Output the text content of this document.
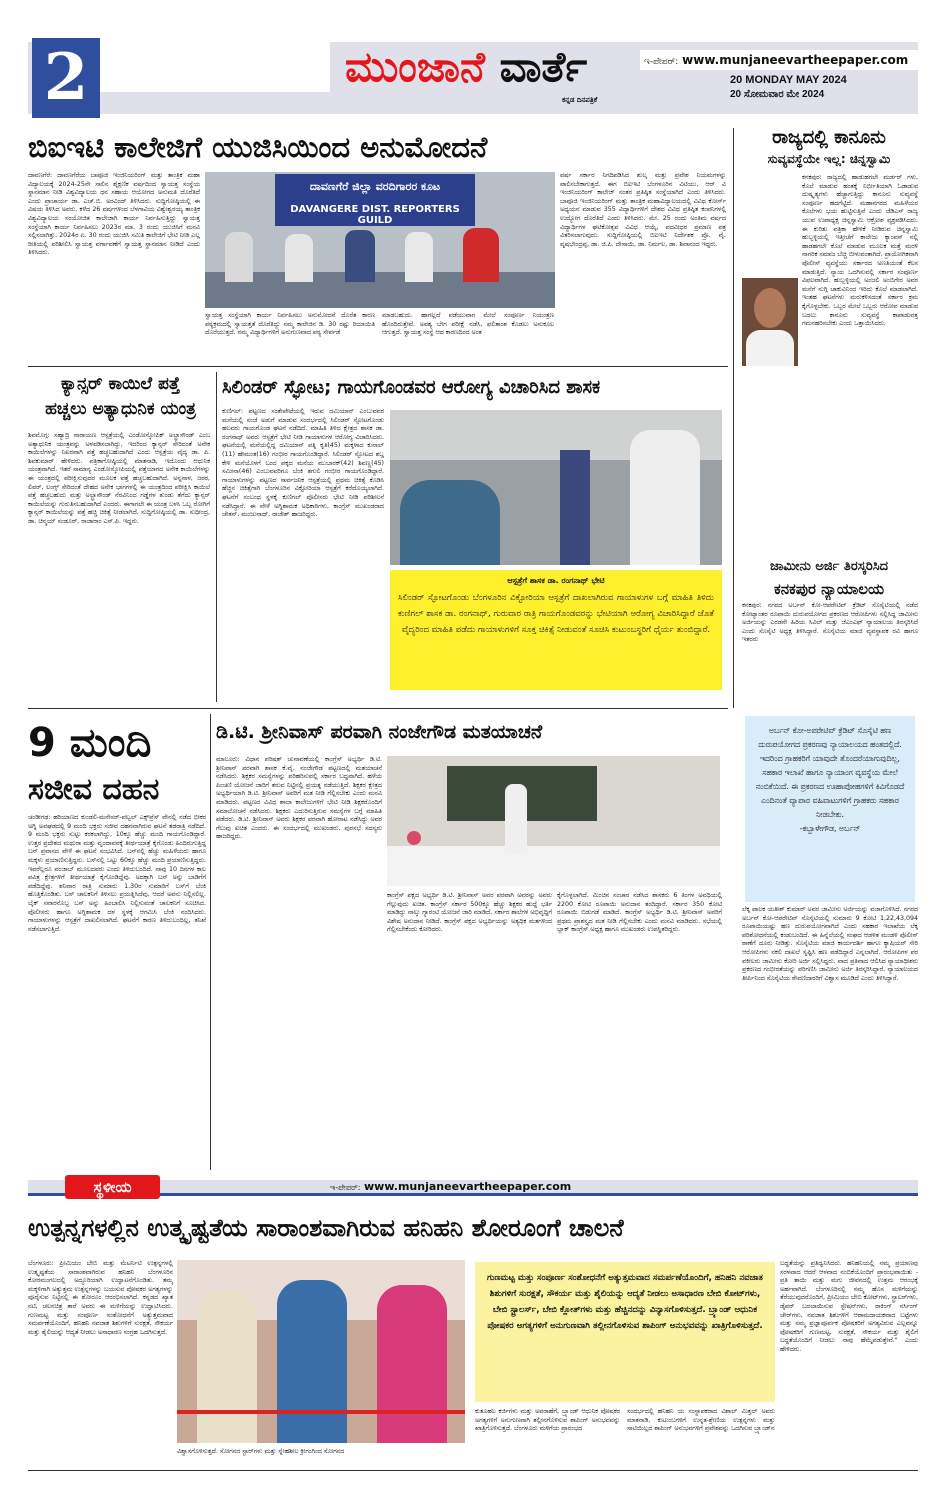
2	ಮುಂಜಾನೆ ವಾರ್ತೆ
ಕನ್ನಡ ದಿನಪತ್ರಿಕೆ
ಇ-ಪೇಪರ್: www.munjaneevartheepaper.com
20 MONDAY MAY 2024
20 ಸೋಮವಾರ ಮೇ 2024
ಬಿಐಇಟಿ ಕಾಲೇಜಿಗೆ ಯುಜಿಸಿಯಿಂದ ಅನುಮೋದನೆ
ದಾವಣಗೆರೆ: ದಾವಣಗೆರೆಯ ಬಾಪೂಜಿ ಇಂಜಿನಿಯರಿಂಗ್ ಮತ್ತು ತಾಂತ್ರಿಕ ಮಹಾ ವಿದ್ಯಾಲಯಕ್ಕೆ 2024-25ನೇ ಸಾಲಿನ ಶೈಕ್ಷಣಿಕ ವರ್ಷದಿಂದ ಸ್ವಾಯತ್ತ ಸಂಸ್ಥೆಯ ಸ್ಥಾನಮಾನ ನೀಡಿ ವಿಶ್ವವಿದ್ಯಾಲಯ ಧನ ಸಹಾಯ ಆಯೋಗದ ಅನುಮತಿ ದೊರೆತಿದೆ ಎಂದು ಪ್ರಾಚಾರ್ಯ ಡಾ. ಎಚ್.ಬಿ. ಅರವಿಂದ್ ತಿಳಿಸಿದರು. ಸುದ್ದಿಗೋಷ್ಠಿಯಲ್ಲಿ ಈ ವಿಷಯ ತಿಳಿಸಿದ ಅವರು, ಕಳೆದ 26 ವರ್ಷಗಳಿಂದ ಬೆಳಗಾವಿಯ ವಿಶ್ವೇಶ್ವರಯ್ಯ ತಾಂತ್ರಿಕ ವಿಶ್ವವಿದ್ಯಾಲಯ ಸಂಯೋಜಿತ ಕಾಲೇಜಾಗಿ ಕಾರ್ಯ ನಿರ್ವಹಿಸುತ್ತಿದ್ದು ಸ್ವಾಯತ್ತ ಸಂಸ್ಥೆಯಾಗಿ ಕಾರ್ಯ ನಿರ್ವಹಿಸಲು 2023ರ ಮಾ. 3 ರಂದು ಯುಜಿಸಿಗೆ ಮನವಿ ಸಲ್ಲಿಸಲಾಗಿತ್ತು. 2024ರ ಏ. 30 ರಂದು ಯುಜಿಸಿ ಸಮಿತಿ ಕಾಲೇಜಿಗೆ ಭೇಟಿ ನೀಡಿ ಎಲ್ಲ ರೀತಿಯಲ್ಲಿ ಪರಿಶೀಲಿಸಿ ಸ್ವಾಯತ್ತ ವರ್ಗಾವಣೆಗೆ ಸ್ವಾಯತ್ತ ಸ್ಥಾನಮಾನ ನೀಡಿದೆ ಎಂದು ತಿಳಿಸಿದರು.
ದಾವಣಗೆರೆ ಜಿಲ್ಲಾ ವರದಿಗಾರರ ಕೂಟ
DAVANGERE DIST. REPORTERS GUILD
ಸ್ವಾಯತ್ತ ಸಂಸ್ಥೆಯಾಗಿ ಕಾರ್ಯ ನಿರ್ವಹಿಸಲು ಅನುಮೋದನೆ ದೊರೆತ ಕಾರಣ ಪಠ್ಯಕ್ರಮದಲ್ಲಿ ಸ್ವಾಯತ್ತತೆ ದೊರೆತಿದ್ದು ನಮ್ಮ ಕಾಲೇಜಿನ ಡಿ. 30 ರಷ್ಟು ರಿಯಾಯಿತಿ ದೊರೆಯುತ್ತದೆ. ನಮ್ಮ ವಿದ್ಯಾರ್ಥಿಗಳಿಗೆ ಅನುಗುಣವಾದ ಪಠ್ಯ ಸೇರ್ಪಡೆ
ಮಾಡಬಹುದು. ಹಾಗಲ್ಲದೆ ಪಡೆಯುವಾಗ ಮೇಲೆ ಸಂಪೂರ್ಣ ನಿಯಂತ್ರಣ ಹೊಂದಿರುತ್ತೇವೆ. ಅವಶ್ಯ ಬೇಗ ಪರೀಕ್ಷೆ ನಡೆಸಿ, ಫಲಿತಾಂಶ ಕೊಡಲು ಅನುಕೂಲ ಆಗುತ್ತದೆ. ಸ್ವಾಯತ್ತ ಸಂಸ್ಥೆ ಆದ ಕಾರಣದಿಂದ ಅಂತ
ವರ್ಷ ಸರ್ಕಾರ ನಿಗದಿಪಡಿಸಿದ ಶುಲ್ಕ ಮತ್ತು ಪ್ರವೇಶ ನಿಯಮಗಳನ್ನು ಪಾಲಿಸಬೇಕಾಗುತ್ತದೆ. ಈಗ ಬಿಐಇಟಿ ಬೆಂಗಳೂರಿನ ವಿಟಿಯು, ಆರ್ ವಿ ಇಂಜಿನಿಯರಿಂಗ್ ಕಾಲೇಜ್ ನಂತರ ಪ್ರತಿಷ್ಠಿತ ಸಂಸ್ಥೆಯಾಗಿದೆ ಎಂದು ತಿಳಿಸಿದರು. ಬಾಪೂಜಿ ಇಂಜಿನಿಯರಿಂಗ್ ಮತ್ತು ತಾಂತ್ರಿಕ ಮಹಾವಿದ್ಯಾಲಯದಲ್ಲಿ ವಿವಿಧ ಕೋರ್ಸ್ ಅಧ್ಯಯನ ಮಾಡುವ 355 ವಿದ್ಯಾರ್ಥಿಗಳಿಗೆ ದೇಶದ ವಿವಿಧ ಪ್ರತಿಷ್ಠಿತ ಕಂಪನಿಗಳಲ್ಲಿ ಉದ್ಯೋಗ ದೊರೆತಿದೆ ಎಂದು ತಿಳಿಸಿದರು. ಮೇ. 25 ರಂದು ಅಂತಿಮ ವರ್ಷದ ವಿದ್ಯಾರ್ಥಿಗಳ ಘಟಿಕೋತ್ಸವ ವಿವಿಧ ಆಯ್ಕೆ, ಪದವೀಧರ ಪ್ರಮಾಣ ಪತ್ರ ವಿತರಿಸಲಾಗುವುದು. ಸುದ್ದಿಗೋಷ್ಠಿಯಲ್ಲಿ ಬಿಐಇಟಿ ನಿರ್ದೇಶಕ ಪ್ರೊ. ವೈ. ವೃಷಭೇಂದ್ರಪ್ಪ, ಡಾ. ಜಿ.ಪಿ. ದೇಸಾಯಿ, ಡಾ. ನಿರ್ಮಲ, ಡಾ. ಶಿವಾನಂದ ಇದ್ದರು.
ರಾಜ್ಯದಲ್ಲಿ ಕಾನೂನು
ಸುವ್ಯವಸ್ಥೆಯೇ ಇಲ್ಲ: ಚಿನ್ನಸ್ವಾಮಿ
ಕನಕಪುರ: ರಾಜ್ಯದಲ್ಲಿ ಹಾಡುಹಗಲೇ ಮರ್ಡರ್ ಗಳು, ಕೊಲೆ ಮಾಡುವ ಹಂತಕ್ಕೆ ನಿರ್ಭೀತಿಯಾಗಿ ಓಡಾಡುವ ದುಷ್ಕೃತ್ಯಗಳು ಹೆಚ್ಚಾಗುತ್ತಿದ್ದು ಕಾನೂನು ಸುವ್ಯವಸ್ಥೆ ಸಂಪೂರ್ಣ ಹದಗೆಟ್ಟಿದೆ. ಮಹಾನಗರದ ಮಹಿಳೆಯರ ಕೊಲೆಗಳು ಭಯ ಹುಟ್ಟಿಸುತ್ತಿವೆ ಎಂದು ಜೆಡಿಎಸ್ ರಾಜ್ಯ ಯುವ ಉಪಾಧ್ಯಕ್ಷ ಚಿನ್ನಸ್ವಾಮಿ ಆಕ್ರೋಶ ವ್ಯಕ್ತಪಡಿಸಿದರು. ಈ ಕುರಿತು ಪತ್ರಿಕಾ ಹೇಳಿಕೆ ನೀಡಿರುವ ಚಿನ್ನಸ್ವಾಮಿ ಹುಬ್ಬಳ್ಳಿಯಲ್ಲಿ ಇತ್ತೀಚೆಗೆ ಕಾಲೇಜು ಕ್ಯಾಂಪಸ್ ನಲ್ಲಿ ಹಾಡಹಗಲೇ ಕೊಲೆ ಮಾಡುವ ಮೂಲಕ ಮತ್ತೆ ಮರಳಿ ನಾಗರಿಕ ಸಮಾಜ ಬೆಚ್ಚಿ ಬೀಳುವಂತಾಗಿದೆ. ಪ್ರಾಯೋಗಿಕವಾಗಿ ಪೊಲೀಸ್ ವ್ಯವಸ್ಥೆಯು ಸರ್ಕಾರದ ಅಣತಿಯಂತೆ ಕೆಲಸ ಮಾಡುತ್ತಿದೆ. ನ್ಯಾಯ ಒದಗಿಸುವಲ್ಲಿ ಸರ್ಕಾರ ಸಂಪೂರ್ಣ ವಿಫಲವಾಗಿದೆ. ಹುಬ್ಬಳ್ಳಿಯಲ್ಲಿ ಅಂಜಲಿ ಅಂಬಿಗೇರ ಅವರ ಮನೆಗೆ ನುಗ್ಗಿ ಚಾಕುವಿನಿಂದ ಇರಿದು ಕೊಲೆ ಮಾಡಲಾಗಿದೆ. ಇಂತಹ ಘಟನೆಗಳು ಮರುಕಳಿಸದಂತೆ ಸರ್ಕಾರ ಕ್ರಮ ಕೈಗೊಳ್ಳಬೇಕು. ಒಬ್ಬರ ಮೇಲೆ ಒಬ್ಬರು ಆರೋಪ ಮಾಡುವ ಬದಲು ಕಾನೂನು ಸುವ್ಯವಸ್ಥೆ ಕಾಪಾಡುವತ್ತ ಗಮನಹರಿಸಬೇಕು ಎಂದು ಒತ್ತಾಯಿಸಿದರು.
ಕ್ಯಾನ್ಸರ್ ಕಾಯಿಲೆ ಪತ್ತೆ
ಹಚ್ಚಲು ಅತ್ಯಾಧುನಿಕ ಯಂತ್ರ
ಶಿವಮೊಗ್ಗ: ಸಹ್ಯಾದ್ರಿ ನಾರಾಯಣ ಆಸ್ಪತ್ರೆಯಲ್ಲಿ ಎಂಡೋಸ್ಕೋಪಿಕ್ ಅಲ್ಟ್ರಾಸೌಂಡ್ ಎಂಬ ಅತ್ಯಾಧುನಿಕ ಯಂತ್ರವನ್ನು ಅಳವಡಿಸಲಾಗಿದ್ದು, ಇದರಿಂದ ಕ್ಯಾನ್ಸರ್ ಸೇರಿದಂತೆ ಅನೇಕ ಕಾಯಿಲೆಗಳನ್ನು ನಿಖರವಾಗಿ ಪತ್ತೆ ಹಚ್ಚಬಹುದಾಗಿದೆ ಎಂದು ಆಸ್ಪತ್ರೆಯ ವೈದ್ಯ ಡಾ. ಪಿ. ಶಿವಕುಮಾರ್ ಹೇಳಿದರು. ಪತ್ರಿಕಾಗೋಷ್ಠಿಯಲ್ಲಿ ಮಾತನಾಡಿ, ಇದೊಂದು ಆಧುನಿಕ ಯಂತ್ರವಾಗಿದೆ. ಇತರೆ ಸಾಮಾನ್ಯ ಎಂಡೋಸ್ಕೋಪಿಯಲ್ಲಿ ಪತ್ತೆಯಾಗದ ಅನೇಕ ಕಾಯಿಲೆಗಳನ್ನು ಈ ಯಂತ್ರದಲ್ಲಿ ಪರೀಕ್ಷಿಸುವುದರ ಮೂಲಕ ಪತ್ತೆ ಹಚ್ಚಬಹುದಾಗಿದೆ. ಅನ್ನನಾಳ, ಜಠರ, ಲಿವರ್, ಲಂಗ್ಸ್ ಸೇರಿದಂತೆ ದೇಹದ ಅನೇಕ ಭಾಗಗಳಲ್ಲಿ ಈ ಯಂತ್ರದಿಂದ ಪರೀಕ್ಷಿಸಿ ಕಾಯಿಲೆ ಪತ್ತೆ ಹಚ್ಚಬಹುದು ಮತ್ತು ಅಲ್ಟ್ರಾಸೌಂಡ್ ನೆರವಿನಿಂದ ಗಡ್ಡೆಗಳ ತುಂಡು ತೆಗೆದು ಕ್ಯಾನ್ಸರ್ ಕಾಯಿಲೆಯನ್ನು ಗುರುತಿಸಬಹುದಾಗಿದೆ ಎಂದರು. ಈಗಾಗಲೇ ಈ ಯಂತ್ರ ಬಳಸಿ ಒಬ್ಬ ರೋಗಿಗೆ ಕ್ಯಾನ್ಸರ್ ಕಾಯಿಲೆಯನ್ನು ಪತ್ತೆ ಹಚ್ಚಿ ಚಿಕಿತ್ಸೆ ನೀಡಲಾಗಿದೆ. ಸುದ್ದಿಗೋಷ್ಠಿಯಲ್ಲಿ ಡಾ. ಸುಧೀಂದ್ರ, ಡಾ. ಚಿನ್ಮಯ್ ಸಂಡೂರ್, ರಾಜಾರಾಂ ಎಸ್.ಪಿ. ಇದ್ದರು.
ಸಿಲಿಂಡರ್ ಸ್ಫೋಟ; ಗಾಯಗೊಂಡವರ ಆರೋಗ್ಯ ವಿಚಾರಿಸಿದ ಶಾಸಕ
ಕುಣಿಗಲ್: ಪಟ್ಟಣದ ಸಂತೇಪೇಟೆಯಲ್ಲಿ ಇರುವ ದಮಿಯಾನ್ ಎಂಬುವವರ ಮನೆಯಲ್ಲಿ ಸಂಜೆ ಅಡುಗೆ ಮಾಡುವ ಸಂದರ್ಭದಲ್ಲಿ ಸಿಲಿಂಡರ್ ಸ್ಫೋಟಗೊಂಡು ಹಲವರು ಗಾಯಗೊಂಡ ಘಟನೆ ನಡೆದಿದೆ. ಮಾಹಿತಿ ತಿಳಿದ ಕ್ಷೇತ್ರದ ಶಾಸಕ ಡಾ. ರಂಗನಾಥ್ ಅವರು ಆಸ್ಪತ್ರೆಗೆ ಭೇಟಿ ನೀಡಿ ಗಾಯಾಳುಗಳ ಆರೋಗ್ಯ ವಿಚಾರಿಸಿದರು. ಘಟನೆಯಲ್ಲಿ ಮನೆಯಲ್ಲಿದ್ದ ದಮಿಯಾನ್ ಪತ್ನಿ ಕೃತಿ(45) ಮಕ್ಕಳಾದ ಕುನಾಲ್ (11) ಹೇಮಂತ(16) ಗಂಭೀರ ಗಾಯಗೊಂಡಿದ್ದಾರೆ. ಸಿಲಿಂಡರ್ ಸ್ಫೋಟದ ಶಬ್ದ ಕೇಳಿ ಮನೆಯೊಳಗೆ ಬಂದ ಪಕ್ಕದ ಮನೆಯ ಮುಬಾರಕ್(42) ಶಿವಣ್ಣ(45) ಸಮೀನಾ(46) ಎಂಬುವವರಿಗೂ ಬೆಂಕಿ ತಗುಲಿ ಗಂಭೀರ ಗಾಯಗೊಂಡಿದ್ದಾರೆ. ಗಾಯಾಳುಗಳನ್ನು ಪಟ್ಟಣದ ಸಾರ್ವಜನಿಕ ಆಸ್ಪತ್ರೆಯಲ್ಲಿ ಪ್ರಥಮ ಚಿಕಿತ್ಸೆ ಕೊಡಿಸಿ ಹೆಚ್ಚಿನ ಚಿಕಿತ್ಸೆಗಾಗಿ ಬೆಂಗಳೂರಿನ ವಿಕ್ಟೋರಿಯಾ ಆಸ್ಪತ್ರೆಗೆ ಕರೆದೊಯ್ಯಲಾಗಿದೆ. ಘಟನೆಗೆ ಸಂಬಂಧ ಸ್ಥಳಕ್ಕೆ ಕುಣಿಗಲ್ ಪೊಲೀಸರು ಭೇಟಿ ನೀಡಿ ಪರಿಶೀಲನೆ ನಡೆಸಿದ್ದಾರೆ. ಈ ವೇಳೆ ಅಗ್ನಿಶಾಮಕ ಅಧಿಕಾರಿಗಳು, ಕಾಂಗ್ರೆಸ್ ಮುಖಂಡರಾದ ಚೇತನ್, ಮಂಜುನಾಥ್, ರಾಜೇಶ್ ಹಾಜರಿದ್ದರು.
ಆಸ್ಪತ್ರೆಗೆ ಶಾಸಕ ಡಾ. ರಂಗನಾಥ್ ಭೇಟಿ
ಸಿಲಿಂಡರ್ ಸ್ಫೋಟಗೊಂಡು ಬೆಂಗಳೂರಿನ ವಿಕ್ಟೋರಿಯಾ ಆಸ್ಪತ್ರೆಗೆ ದಾಖಲಾಗಿರುವ ಗಾಯಾಳುಗಳ ಬಗ್ಗೆ ಮಾಹಿತಿ ತಿಳಿದು ಕುಣಿಗಲ್ ಶಾಸಕ ಡಾ. ರಂಗನಾಥ್, ಗುರುವಾರ ರಾತ್ರಿ ಗಾಯಗೊಂಡವರನ್ನು ಭೇಟಿಯಾಗಿ ಆರೋಗ್ಯ ವಿಚಾರಿಸಿದ್ದಾರೆ ಜೊತೆ ವೈದ್ಯರಿಂದ ಮಾಹಿತಿ ಪಡೆದು ಗಾಯಾಳುಗಳಿಗೆ ಸೂಕ್ತ ಚಿಕಿತ್ಸೆ ನೀಡುವಂತೆ ಸೂಚಿಸಿ ಕುಟುಂಬಸ್ಥರಿಗೆ ಧೈರ್ಯ ತುಂಬಿದ್ದಾರೆ.
ಜಾಮೀನು ಅರ್ಜಿ ತಿರಸ್ಕರಿಸಿದ
ಕನಕಪುರ ನ್ಯಾಯಾಲಯ
ಕನಕಪುರ: ನಗರದ ಅರ್ಬನ್ ಕೋ-ಆಪರೇಟಿವ್ ಕ್ರೆಡಿಟ್ ಸೊಸೈಟಿಯಲ್ಲಿ ನಡೆದ ಕೋಟ್ಯಾಂತರ ರೂಪಾಯಿ ದುರುಪಯೋಗದ ಪ್ರಕರಣದ ಆರೋಪಿಗಳು ಸಲ್ಲಿಸಿದ್ದ ಜಾಮೀನು ಅರ್ಜಿಯನ್ನು ಎರಡನೇ ಹಿರಿಯ ಸಿವಿಲ್ ಮತ್ತು ಜೆಎಂಎಫ್ ನ್ಯಾಯಾಲಯ ತಿರಸ್ಕರಿಸಿದೆ ಎಂದು ಸೊಸೈಟಿ ಅಧ್ಯಕ್ಷ ತಿಳಿಸಿದ್ದಾರೆ. ಸೊಸೈಟಿಯ ಮಾಜಿ ವ್ಯವಸ್ಥಾಪಕ ರವಿ ಹಾಗೂ ಇತರರು
ಅರ್ಬನ್ ಕೋ-ಅಪರೇಟಿವ್ ಕ್ರೆಡಿಟ್ ಸೊಸೈಟಿ ಹಣ ದುರುಪಯೋಗದ ಪ್ರಕರಣವು ನ್ಯಾಯಾಲಯದ ಹಂತದಲ್ಲಿದೆ. ಇದರಿಂದ ಗ್ರಾಹಕರಿಗೆ ಯಾವುದೇ ತೊಂದರೆಯಾಗುವುದಿಲ್ಲ, ಸಹಕಾರ ಇಲಾಖೆ ಹಾಗೂ ನ್ಯಾಯಾಂಗ ವ್ಯವಸ್ಥೆಯ ಮೇಲೆ ನಂಬಿಕೆಯಿದೆ. ಈ ಪ್ರಕರಣದ ಊಹಾಪೋಹಗಳಿಗೆ ಕಿವಿಗೊಡದೆ ಎಂದಿನಂತೆ ವ್ಯಾಪಾರ ವಹಿವಾಟುಗಳಿಗೆ ಗ್ರಾಹಕರು ಸಹಕಾರ ನೀಡಬೇಕು.
-ಕಬ್ಬಾಳೇಗೌಡ, ಅರ್ಬನ್
ಲೆಕ್ಕ ಪಾಲಕ ಯತೀಶ್ ಕುಮಾರ್ ಅವರ ಜಾಮೀನು ಅರ್ಜಿಯನ್ನು ವಜಾಗೊಳಿಸಿದೆ. ನಗರದ ಅರ್ಬನ್ ಕೋ-ಆಪರೇಟಿವ್ ಸೊಸೈಟಿಯಲ್ಲಿ ಸುಮಾರು 9 ಕೋಟಿ 1,22,43,094 ರೂಪಾಯಿಯಷ್ಟು ಹಣ ದುರುಪಯೋಗವಾಗಿದೆ ಎಂದು ಸಹಕಾರ ಇಲಾಖೆಯ ಲೆಕ್ಕ ಪರಿಶೋಧನೆಯಲ್ಲಿ ಕಂಡುಬಂದಿದೆ. ಈ ಹಿನ್ನೆಲೆಯಲ್ಲಿ ಸಂಘದ ಆಡಳಿತ ಮಂಡಳಿ ಪೊಲೀಸ್ ಠಾಣೆಗೆ ದೂರು ನೀಡಿತ್ತು. ಸೊಸೈಟಿಯ ಮಾಜಿ ಕಾರ್ಯದರ್ಶಿ ಹಾಗೂ ಕ್ಯಾಷಿಯರ್ ಸೇರಿ ಆರೋಪಿಗಳು ನಕಲಿ ದಾಖಲೆ ಸೃಷ್ಟಿಸಿ ಹಣ ಪಡೆದಿದ್ದಾರೆ ಎನ್ನಲಾಗಿದೆ. ಆರೋಪಿಗಳ ಪರ ವಕೀಲರು ಜಾಮೀನು ಕೋರಿ ಅರ್ಜಿ ಸಲ್ಲಿಸಿದ್ದರು. ವಾದ ಪ್ರತಿವಾದ ಆಲಿಸಿದ ನ್ಯಾಯಾಧೀಶರು ಪ್ರಕರಣದ ಗಂಭೀರತೆಯನ್ನು ಪರಿಗಣಿಸಿ ಜಾಮೀನು ಅರ್ಜಿ ತಿರಸ್ಕರಿಸಿದ್ದಾರೆ. ನ್ಯಾಯಾಲಯದ ತೀರ್ಪಿನಿಂದ ಸೊಸೈಟಿಯ ಠೇವಣಿದಾರರಿಗೆ ವಿಶ್ವಾಸ ಮೂಡಿದೆ ಎಂದು ತಿಳಿಸಿದ್ದಾರೆ.
9 ಮಂದಿ
ಸಜೀವ ದಹನ
ಚಂಡೀಗಢ: ಹರಿಯಾಣದ ಕುಂಡಲಿ-ಮನೇಸರ್-ಪಲ್ವಲ್ ಎಕ್ಸ್‌ಪ್ರೆಸ್ ವೇನಲ್ಲಿ ನಡೆದ ಭೀಕರ ಅಗ್ನಿ ಅವಘಡದಲ್ಲಿ 9 ಮಂದಿ ಭಕ್ತರು ಸಜೀವ ದಹನವಾಗಿರುವ ಘಟನೆ ತಡರಾತ್ರಿ ನಡೆದಿದೆ. 9 ಮಂದಿ ಭಕ್ತರು ಸುಟ್ಟು ಕರಕಲಾಗಿದ್ದು, 10ಕ್ಕೂ ಹೆಚ್ಚು ಮಂದಿ ಗಾಯಗೊಂಡಿದ್ದಾರೆ. ಉತ್ತರ ಪ್ರದೇಶದ ಮಥುರಾ ಮತ್ತು ವೃಂದಾವನಕ್ಕೆ ತೀರ್ಥಯಾತ್ರೆ ಕೈಗೊಂಡು ಹಿಂದಿರುಗುತ್ತಿದ್ದ ಬಸ್ ಪ್ರವಾಸದ ವೇಳೆ ಈ ಘಟನೆ ಸಂಭವಿಸಿದೆ. ಬಸ್‌ನಲ್ಲಿ ಹೆಚ್ಚು ಮಹಿಳೆಯರು ಹಾಗೂ ಮಕ್ಕಳು ಪ್ರಯಾಣಿಸುತ್ತಿದ್ದರು. ಬಸ್‌ನಲ್ಲಿ ಒಟ್ಟು 60ಕ್ಕೂ ಹೆಚ್ಚು ಮಂದಿ ಪ್ರಯಾಣಿಸುತ್ತಿದ್ದರು. ಇವರೆಲ್ಲರೂ ಪಂಜಾಬ್ ಮೂಲದವರು ಎಂದು ತಿಳಿದುಬಂದಿದೆ. ನಾವು 10 ದಿನಗಳ ಕಾಲ ಪವಿತ್ರ ಕ್ಷೇತ್ರಗಳಿಗೆ ತೀರ್ಥಯಾತ್ರೆ ಕೈಗೊಂಡಿದ್ದೆವು. ಅದಕ್ಕಾಗಿ ಬಸ್ ಅನ್ನು ಬಾಡಿಗೆಗೆ ಪಡೆದಿದ್ದೆವು. ಶನಿವಾರ ರಾತ್ರಿ ಸುಮಾರು 1.30ರ ಸುಮಾರಿಗೆ ಬಸ್‌ಗೆ ಬೆಂಕಿ ಹೊತ್ತಿಕೊಂಡಿತು. ಬಸ್ ಚಾಲಕನಿಗೆ ತಿಳಿಸಲು ಪ್ರಯತ್ನಿಸಿದೆವು, ಆದರೆ ಅವನು ನಿಲ್ಲಿಸಲಿಲ್ಲ. ಬೈಕ್ ಸವಾರನೊಬ್ಬ ಬಸ್ ಅನ್ನು ಹಿಂಬಾಲಿಸಿ ನಿಲ್ಲಿಸುವಂತೆ ಚಾಲಕನಿಗೆ ಸೂಚಿಸಿದ. ಪೊಲೀಸರು ಹಾಗೂ ಅಗ್ನಿಶಾಮಕ ದಳ ಸ್ಥಳಕ್ಕೆ ಆಗಮಿಸಿ ಬೆಂಕಿ ನಂದಿಸಿದರು. ಗಾಯಾಳುಗಳನ್ನು ಆಸ್ಪತ್ರೆಗೆ ದಾಖಲಿಸಲಾಗಿದೆ. ಘಟನೆಗೆ ಕಾರಣ ತಿಳಿದುಬಂದಿಲ್ಲ, ತನಿಖೆ ನಡೆಸಲಾಗುತ್ತಿದೆ.
ಡಿ.ಟಿ. ಶ್ರೀನಿವಾಸ್ ಪರವಾಗಿ ನಂಜೇಗೌಡ ಮತಯಾಚನೆ
ಮಾಲೂರು: ವಿಧಾನ ಪರಿಷತ್ ಚುನಾವಣೆಯಲ್ಲಿ ಕಾಂಗ್ರೆಸ್ ಅಭ್ಯರ್ಥಿ ಡಿ.ಟಿ. ಶ್ರೀನಿವಾಸ್ ಪರವಾಗಿ ಶಾಸಕ ಕೆ.ವೈ. ನಂಜೇಗೌಡ ಪಟ್ಟಣದಲ್ಲಿ ಮತಯಾಚನೆ ನಡೆಸಿದರು. ಶಿಕ್ಷಕರ ಸಮಸ್ಯೆಗಳನ್ನು ಪರಿಹರಿಸುವಲ್ಲಿ ಸರ್ಕಾರ ಬದ್ಧವಾಗಿದೆ. ಹಳೆಯ ಪಿಂಚಣಿ ಯೋಜನೆ ಜಾರಿಗೆ ತರುವ ನಿಟ್ಟಿನಲ್ಲಿ ಪ್ರಯತ್ನ ನಡೆಯುತ್ತಿದೆ. ಶಿಕ್ಷಕರ ಕ್ಷೇತ್ರದ ಅಭ್ಯರ್ಥಿಯಾಗಿ ಡಿ.ಟಿ. ಶ್ರೀನಿವಾಸ್ ಅವರಿಗೆ ಮತ ನೀಡಿ ಗೆಲ್ಲಿಸಬೇಕು ಎಂದು ಮನವಿ ಮಾಡಿದರು. ಪಟ್ಟಣದ ವಿವಿಧ ಶಾಲಾ ಕಾಲೇಜುಗಳಿಗೆ ಭೇಟಿ ನೀಡಿ ಶಿಕ್ಷಕರೊಂದಿಗೆ ಸಮಾಲೋಚನೆ ನಡೆಸಿದರು. ಶಿಕ್ಷಕರು ಎದುರಿಸುತ್ತಿರುವ ಸಮಸ್ಯೆಗಳ ಬಗ್ಗೆ ಮಾಹಿತಿ ಪಡೆದರು. ಡಿ.ಟಿ. ಶ್ರೀನಿವಾಸ್ ಅವರು ಶಿಕ್ಷಕರ ಪರವಾಗಿ ಹೋರಾಟ ನಡೆಸಿದ್ದು ಅವರ ಗೆಲುವು ಖಚಿತ ಎಂದರು. ಈ ಸಂದರ್ಭದಲ್ಲಿ ಮುಖಂಡರು, ಪುರಸಭೆ ಸದಸ್ಯರು ಹಾಜರಿದ್ದರು.
ಕಾಂಗ್ರೆಸ್ ಪಕ್ಷದ ಅಭ್ಯರ್ಥಿ ಡಿ.ಟಿ. ಶ್ರೀನಿವಾಸ್ ಅವರ ಪರವಾಗಿ ಅವರನ್ನು ಅವರು ಗೆಲ್ಲುವುದು ಖಚಿತ. ಕಾಂಗ್ರೆಸ್ ಸರ್ಕಾರ 500ಕ್ಕೂ ಹೆಚ್ಚು ಶಿಕ್ಷಕರ ಹುದ್ದೆ ಭರ್ತಿ ಮಾಡಿದ್ದು ನಾಲ್ಕು ಗ್ಯಾರಂಟಿ ಯೋಜನೆ ಜಾರಿ ಮಾಡಿದೆ. ಸರ್ಕಾರ ಶಾಲೆಗಳ ಅಭಿವೃದ್ಧಿಗೆ ವಿಶೇಷ ಅನುದಾನ ನೀಡಿದೆ. ಕಾಂಗ್ರೆಸ್ ಪಕ್ಷದ ಅಭ್ಯರ್ಥಿಯನ್ನು ಅತ್ಯಧಿಕ ಮತಗಳಿಂದ ಗೆಲ್ಲಿಸಬೇಕೆಂದು ಕೋರಿದರು.
ಕೈಗೊಳ್ಳಲಾಗಿದೆ. ಮಿಂಚಿನ ಸಂಚಾರ ನಡೆಸಿದ ಶಾಸಕರು 6 ತಿಂಗಳ ಅವಧಿಯಲ್ಲಿ 2200 ಕೋಟಿ ರೂಪಾಯಿ ಅನುದಾನ ತಂದಿದ್ದಾರೆ. ಸರ್ಕಾರ 350 ಕೋಟಿ ರೂಪಾಯಿ ಬಿಡುಗಡೆ ಮಾಡಿದೆ. ಕಾಂಗ್ರೆಸ್ ಅಭ್ಯರ್ಥಿ ಡಿ.ಟಿ. ಶ್ರೀನಿವಾಸ್ ಅವರಿಗೆ ಪ್ರಥಮ ಪ್ರಾಶಸ್ತ್ಯದ ಮತ ನೀಡಿ ಗೆಲ್ಲಿಸಬೇಕು ಎಂದು ಮನವಿ ಮಾಡಿದರು. ಸಭೆಯಲ್ಲಿ ಬ್ಲಾಕ್ ಕಾಂಗ್ರೆಸ್ ಅಧ್ಯಕ್ಷ ಹಾಗೂ ಮುಖಂಡರು ಉಪಸ್ಥಿತರಿದ್ದರು.
ಸ್ಥಳೀಯ	ಇ-ಪೇಪರ್: www.munjaneevartheepaper.com
ಉತ್ಪನ್ನಗಳಲ್ಲಿನ ಉತ್ಕೃಷ್ಟತೆಯ ಸಾರಾಂಶವಾಗಿರುವ ಹನಿಹನಿ ಶೋರೂಂಗೆ ಚಾಲನೆ
ಬೆಂಗಳೂರು: ಪ್ರೀಮಿಯಂ ಬೇಬಿ ಮತ್ತು ಮೆಟರ್ನಿಟಿ ಉತ್ಪನ್ನಗಳಲ್ಲಿ ಉತ್ಕೃಷ್ಟತೆಯ ಸಾರಾಂಶವಾಗಿರುವ ಹನಿಹನಿ ಬೆಂಗಳೂರಿನ ಕೋರಮಂಗಲದಲ್ಲಿ ಅದ್ಧೂರಿಯಾಗಿ ಉದ್ಘಾಟನೆಗೊಂಡಿತು. ತಮ್ಮ ಮಕ್ಕಳಿಗಾಗಿ ಅತ್ಯುತ್ತಮ ಉತ್ಪನ್ನಗಳನ್ನು ಬಯಸುವ ಪೋಷಕರ ಅಗತ್ಯಗಳನ್ನು ಪೂರೈಸುವ ನಿಟ್ಟಿನಲ್ಲಿ ಈ ಶೋರೂಂ ಆರಂಭಿಸಲಾಗಿದೆ. ಕನ್ನಡದ ಖ್ಯಾತ ನಟಿ, ಚಲನಚಿತ್ರ ತಾರೆ ಅವರು ಈ ಮಳಿಗೆಯನ್ನು ಉದ್ಘಾಟಿಸಿದರು. ಗುಣಮಟ್ಟ ಮತ್ತು ಸಂಪೂರ್ಣ ಸಂಶೋಧನೆಗೆ ಅತ್ಯುತ್ತಮವಾದ ಸಮರ್ಪಣೆಯೊಂದಿಗೆ, ಹನಿಹನಿ ನವಜಾತ ಶಿಶುಗಳಿಗೆ ಸುರಕ್ಷತೆ, ಸೌಕರ್ಯ ಮತ್ತು ಶೈಲಿಯನ್ನು ಆದ್ಯತೆ ನೀಡಲು ಅಸಾಧಾರಣ ಸಂಗ್ರಹ ಒದಗಿಸುತ್ತದೆ.
ವಿಶ್ವಾಸಗೊಳಿಸುತ್ತದೆ. ಸೋಗನದ ಸ್ಟಾರ್‌ಗಳು ಮತ್ತು ಸ್ನೇಹಶೀಲ ಕ್ರೀಗಂಗಿಂದ ಸೋಗನದ
ಗುಣಮಟ್ಟ ಮತ್ತು ಸಂಪೂರ್ಣ ಸಂಶೋಧನೆಗೆ ಅತ್ಯುತ್ತಮವಾದ ಸಮರ್ಪಣೆಯೊಂದಿಗೆ, ಹನಿಹನಿ ನವಜಾತ ಶಿಶುಗಳಿಗೆ ಸುರಕ್ಷತೆ, ಸೌಕರ್ಯ ಮತ್ತು ಶೈಲಿಯನ್ನು ಆದ್ಯತೆ ನೀಡಲು ಅಸಾಧಾರಣ ಬೇಬಿ ಕೋಟ್‌ಗಳು, ಬೇಬಿ ಸ್ಟ್ರಾಲರ್ಸ್, ಬೇಬಿ ಕ್ಲೋತ್‌ಗಳು ಮತ್ತು ಹೆಚ್ಚಿನದನ್ನು ವಿನ್ಯಾಸಗೊಳಿಸುತ್ತದೆ. ಬ್ರ್ಯಾಂಡ್ ಆಧುನಿಕ ಪೋಷಕರ ಅಗತ್ಯಗಳಿಗೆ ಅನುಗುಣವಾಗಿ ತಲ್ಲೀನಗೊಳಿಸುವ ಶಾಪಿಂಗ್ ಅನುಭವವನ್ನು ಖಾತ್ರಿಗೊಳಿಸುತ್ತದೆ.
ಕುತೂಹಲ ಕರ್ಜಿಗಳು ಮತ್ತು ಅವರಾಹೆಗೆ, ಬ್ರ್ಯಾಂಡ್ ಆಧುನಿಕ ಪೋಷಕರ ಅಗತ್ಯಗಳಿಗೆ ಅನುಗುಣವಾಗಿ ತಲ್ಲೀನಗೊಳಿಸುವ ಶಾಪಿಂಗ್ ಅನುಭವವನ್ನು ಖಾತ್ರಿಗೊಳಿಸುತ್ತದೆ. ಬೆಂಗಳೂರು ಮಳಿಗೆಯ ಪ್ರಾರಂಭದ
ಸಂದರ್ಭದಲ್ಲಿ ಹನಿಹನಿ ಯ ಸಂಸ್ಥಾಪಕರಾದ ವಿಶಾಲ್ ಮಿತ್ತಲ್ ಅವರು ಮಾತನಾಡಿ, ಕುಟುಂಬಗಳಿಗೆ ಉನ್ನತ-ಶ್ರೇಣಿಯ ಉತ್ಪನ್ನಗಳು ಮತ್ತು ಸಾಟಿಯಿಲ್ಲದ ಶಾಪಿಂಗ್ ಅನುಭವಗಳಿಗೆ ಪ್ರವೇಶವನ್ನು ಒದಗಿಸುವ ಬ್ರ್ಯಾಂಡ್‌ನ
ಬದ್ಧತೆಯನ್ನು ಪ್ರತಿಧ್ವನಿಸಿದರು. ಹನಿಹನಿಯಲ್ಲಿ ನಮ್ಮ ಪ್ರಯಾಣವು ಸರಳವಾದ ಆದರೆ ಆಳವಾದ ನಂಬಿಕೆಯೊಂದಿಗೆ ಪ್ರಾರಂಭವಾಯಿತು - ಪ್ರತಿ ತಾಯಿ ಮತ್ತು ಮಗು ಜೀವನದಲ್ಲಿ ಉತ್ತಮ ಆರಂಭಕ್ಕೆ ಅರ್ಹವಾಗಿದೆ. ಬೆಂಗಳೂರಿನಲ್ಲಿ ನಮ್ಮ ಹೊಸ ಮಳಿಗೆಯನ್ನು ತೆರೆಯುವುದರೊಂದಿಗೆ, ಪ್ರೀಮಿಯಂ ಬೇಬಿ ಕೋಟ್‌ಗಳು, ಸ್ಟ್ರಾಲರ್‌ಗಳು, ಡೈಪರ್ ಬದಲಾಯಿಸುವ ಸ್ಟೇಷನ್‌ಗಳು, ರಾಕಿಂಗ್ ನರ್ಸಿಂಗ್ ಚೇರ್‌ಗಳು, ನವಜಾತ ಶಿಶುಗಳಿಗೆ ಆರಾಮದಾಯಕವಾದ ಬಟ್ಟೆಗಳು ಮತ್ತು ನಮ್ಮ ಪ್ರಜ್ಞಾಪೂರ್ವಕ ಪೋಷಕರಿಗೆ ಅಗತ್ಯವಿರುವ ಎಲ್ಲವನ್ನೂ ಪೋಷಕರಿಗೆ ಗುಣಮಟ್ಟ, ಸುರಕ್ಷತೆ, ಸೌಕರ್ಯ ಮತ್ತು ಶೈಲಿಗೆ ಬದ್ಧತೆಯೊಂದಿಗೆ ನೀಡಲು ನಾವು ಹೆಮ್ಮೆಪಡುತ್ತೇವೆ." ಎಂದು ಹೇಳಿದರು.
